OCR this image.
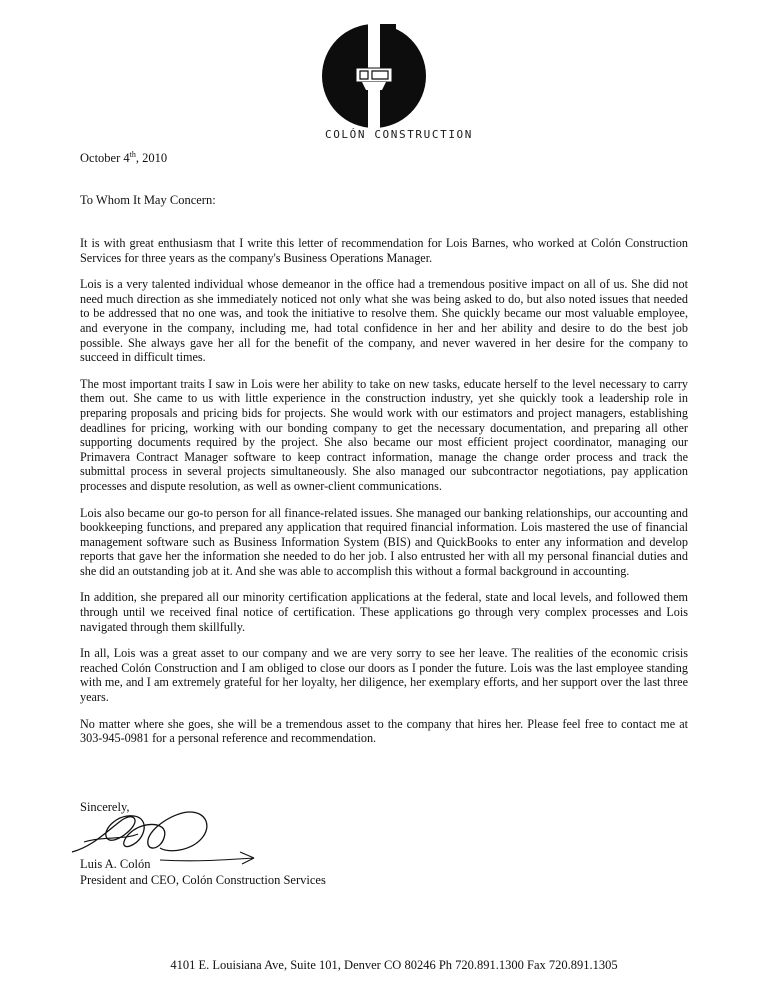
COLÓN CONSTRUCTION
October 4th, 2010
To Whom It May Concern:

It is with great enthusiasm that I write this letter of recommendation for Lois Barnes, who worked at Colón Construction Services for three years as the company's Business Operations Manager.

Lois is a very talented individual whose demeanor in the office had a tremendous positive impact on all of us. She did not need much direction as she immediately noticed not only what she was being asked to do, but also noted issues that needed to be addressed that no one was, and took the initiative to resolve them. She quickly became our most valuable employee, and everyone in the company, including me, had total confidence in her and her ability and desire to do the best job possible. She always gave her all for the benefit of the company, and never wavered in her desire for the company to succeed in difficult times.

The most important traits I saw in Lois were her ability to take on new tasks, educate herself to the level necessary to carry them out. She came to us with little experience in the construction industry, yet she quickly took a leadership role in preparing proposals and pricing bids for projects. She would work with our estimators and project managers, establishing deadlines for pricing, working with our bonding company to get the necessary documentation, and preparing all other supporting documents required by the project. She also became our most efficient project coordinator, managing our Primavera Contract Manager software to keep contract information, manage the change order process and track the submittal process in several projects simultaneously. She also managed our subcontractor negotiations, pay application processes and dispute resolution, as well as owner-client communications.

Lois also became our go-to person for all finance-related issues. She managed our banking relationships, our accounting and bookkeeping functions, and prepared any application that required financial information. Lois mastered the use of financial management software such as Business Information System (BIS) and QuickBooks to enter any information and develop reports that gave her the information she needed to do her job. I also entrusted her with all my personal financial duties and she did an outstanding job at it. And she was able to accomplish this without a formal background in accounting.

In addition, she prepared all our minority certification applications at the federal, state and local levels, and followed them through until we received final notice of certification. These applications go through very complex processes and Lois navigated through them skillfully.

In all, Lois was a great asset to our company and we are very sorry to see her leave. The realities of the economic crisis reached Colón Construction and I am obliged to close our doors as I ponder the future. Lois was the last employee standing with me, and I am extremely grateful for her loyalty, her diligence, her exemplary efforts, and her support over the last three years.

No matter where she goes, she will be a tremendous asset to the company that hires her. Please feel free to contact me at 303-945-0981 for a personal reference and recommendation.

Sincerely,
Luis A. Colón
President and CEO, Colón Construction Services
4101 E. Louisiana Ave, Suite 101, Denver CO 80246 Ph 720.891.1300 Fax 720.891.1305
